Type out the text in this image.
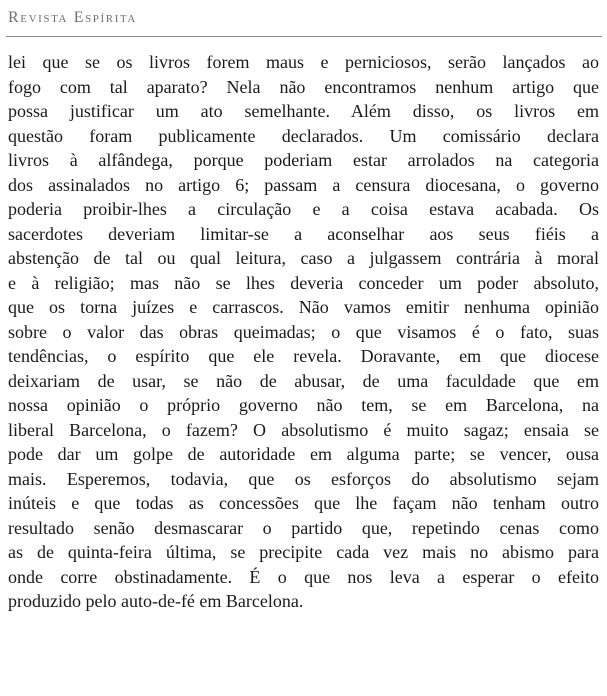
Revista Espírita
lei que se os livros forem maus e perniciosos, serão lançados ao
fogo com tal aparato? Nela não encontramos nenhum artigo que
possa justificar um ato semelhante. Além disso, os livros em
questão foram publicamente declarados. Um comissário declara
livros à alfândega, porque poderiam estar arrolados na categoria
dos assinalados no artigo 6; passam a censura diocesana, o governo
poderia proibir-lhes a circulação e a coisa estava acabada. Os
sacerdotes deveriam limitar-se a aconselhar aos seus fiéis a
abstenção de tal ou qual leitura, caso a julgassem contrária à moral
e à religião; mas não se lhes deveria conceder um poder absoluto,
que os torna juízes e carrascos. Não vamos emitir nenhuma opinião
sobre o valor das obras queimadas; o que visamos é o fato, suas
tendências, o espírito que ele revela. Doravante, em que diocese
deixariam de usar, se não de abusar, de uma faculdade que em
nossa opinião o próprio governo não tem, se em Barcelona, na
liberal Barcelona, o fazem? O absolutismo é muito sagaz; ensaia se
pode dar um golpe de autoridade em alguma parte; se vencer, ousa
mais. Esperemos, todavia, que os esforços do absolutismo sejam
inúteis e que todas as concessões que lhe façam não tenham outro
resultado senão desmascarar o partido que, repetindo cenas como
as de quinta-feira última, se precipite cada vez mais no abismo para
onde corre obstinadamente. É o que nos leva a esperar o efeito
produzido pelo auto-de-fé em Barcelona.
